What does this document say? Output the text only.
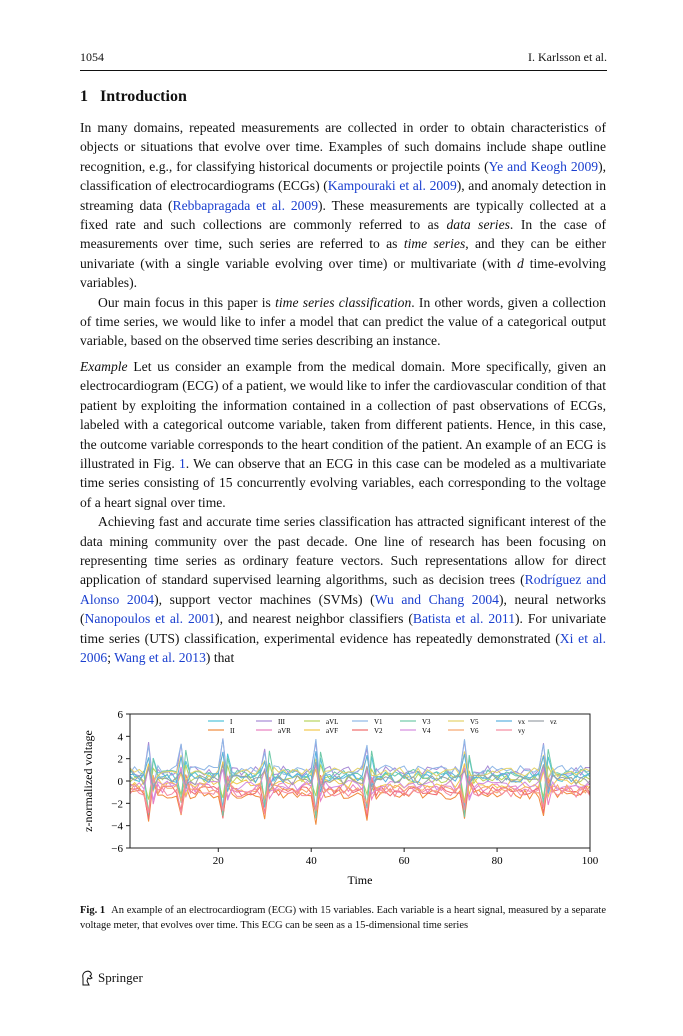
1054	I. Karlsson et al.
1 Introduction

In many domains, repeated measurements are collected in order to obtain characteristics of objects or situations that evolve over time. Examples of such domains include shape outline recognition, e.g., for classifying historical documents or projectile points (Ye and Keogh 2009), classification of electrocardiograms (ECGs) (Kampouraki et al. 2009), and anomaly detection in streaming data (Rebbapragada et al. 2009). These measurements are typically collected at a fixed rate and such collections are commonly referred to as data series. In the case of measurements over time, such series are referred to as time series, and they can be either univariate (with a single variable evolving over time) or multivariate (with d time-evolving variables).

Our main focus in this paper is time series classification. In other words, given a collection of time series, we would like to infer a model that can predict the value of a categorical output variable, based on the observed time series describing an instance.

Example Let us consider an example from the medical domain. More specifically, given an electrocardiogram (ECG) of a patient, we would like to infer the cardiovascular condition of that patient by exploiting the information contained in a collection of past observations of ECGs, labeled with a categorical outcome variable, taken from different patients. Hence, in this case, the outcome variable corresponds to the heart condition of the patient. An example of an ECG is illustrated in Fig. 1. We can observe that an ECG in this case can be modeled as a multivariate time series consisting of 15 concurrently evolving variables, each corresponding to the voltage of a heart signal over time.

Achieving fast and accurate time series classification has attracted significant interest of the data mining community over the past decade. One line of research has been focusing on representing time series as ordinary feature vectors. Such representations allow for direct application of standard supervised learning algorithms, such as decision trees (Rodríguez and Alonso 2004), support vector machines (SVMs) (Wu and Chang 2004), neural networks (Nanopoulos et al. 2001), and nearest neighbor classifiers (Batista et al. 2011). For univariate time series (UTS) classification, experimental evidence has repeatedly demonstrated (Xi et al. 2006; Wang et al. 2013) that

6
4
2
0
−2
−4
−6
20	40	60	80	100
Time
z-normalized voltage
I
II
III
aVR
aVL
aVF
V1
V2
V3
V4
V5
V6
vx
vy
vz
Fig. 1 An example of an electrocardiogram (ECG) with 15 variables. Each variable is a heart signal, measured by a separate voltage meter, that evolves over time. This ECG can be seen as a 15-dimensional time series
Springer
